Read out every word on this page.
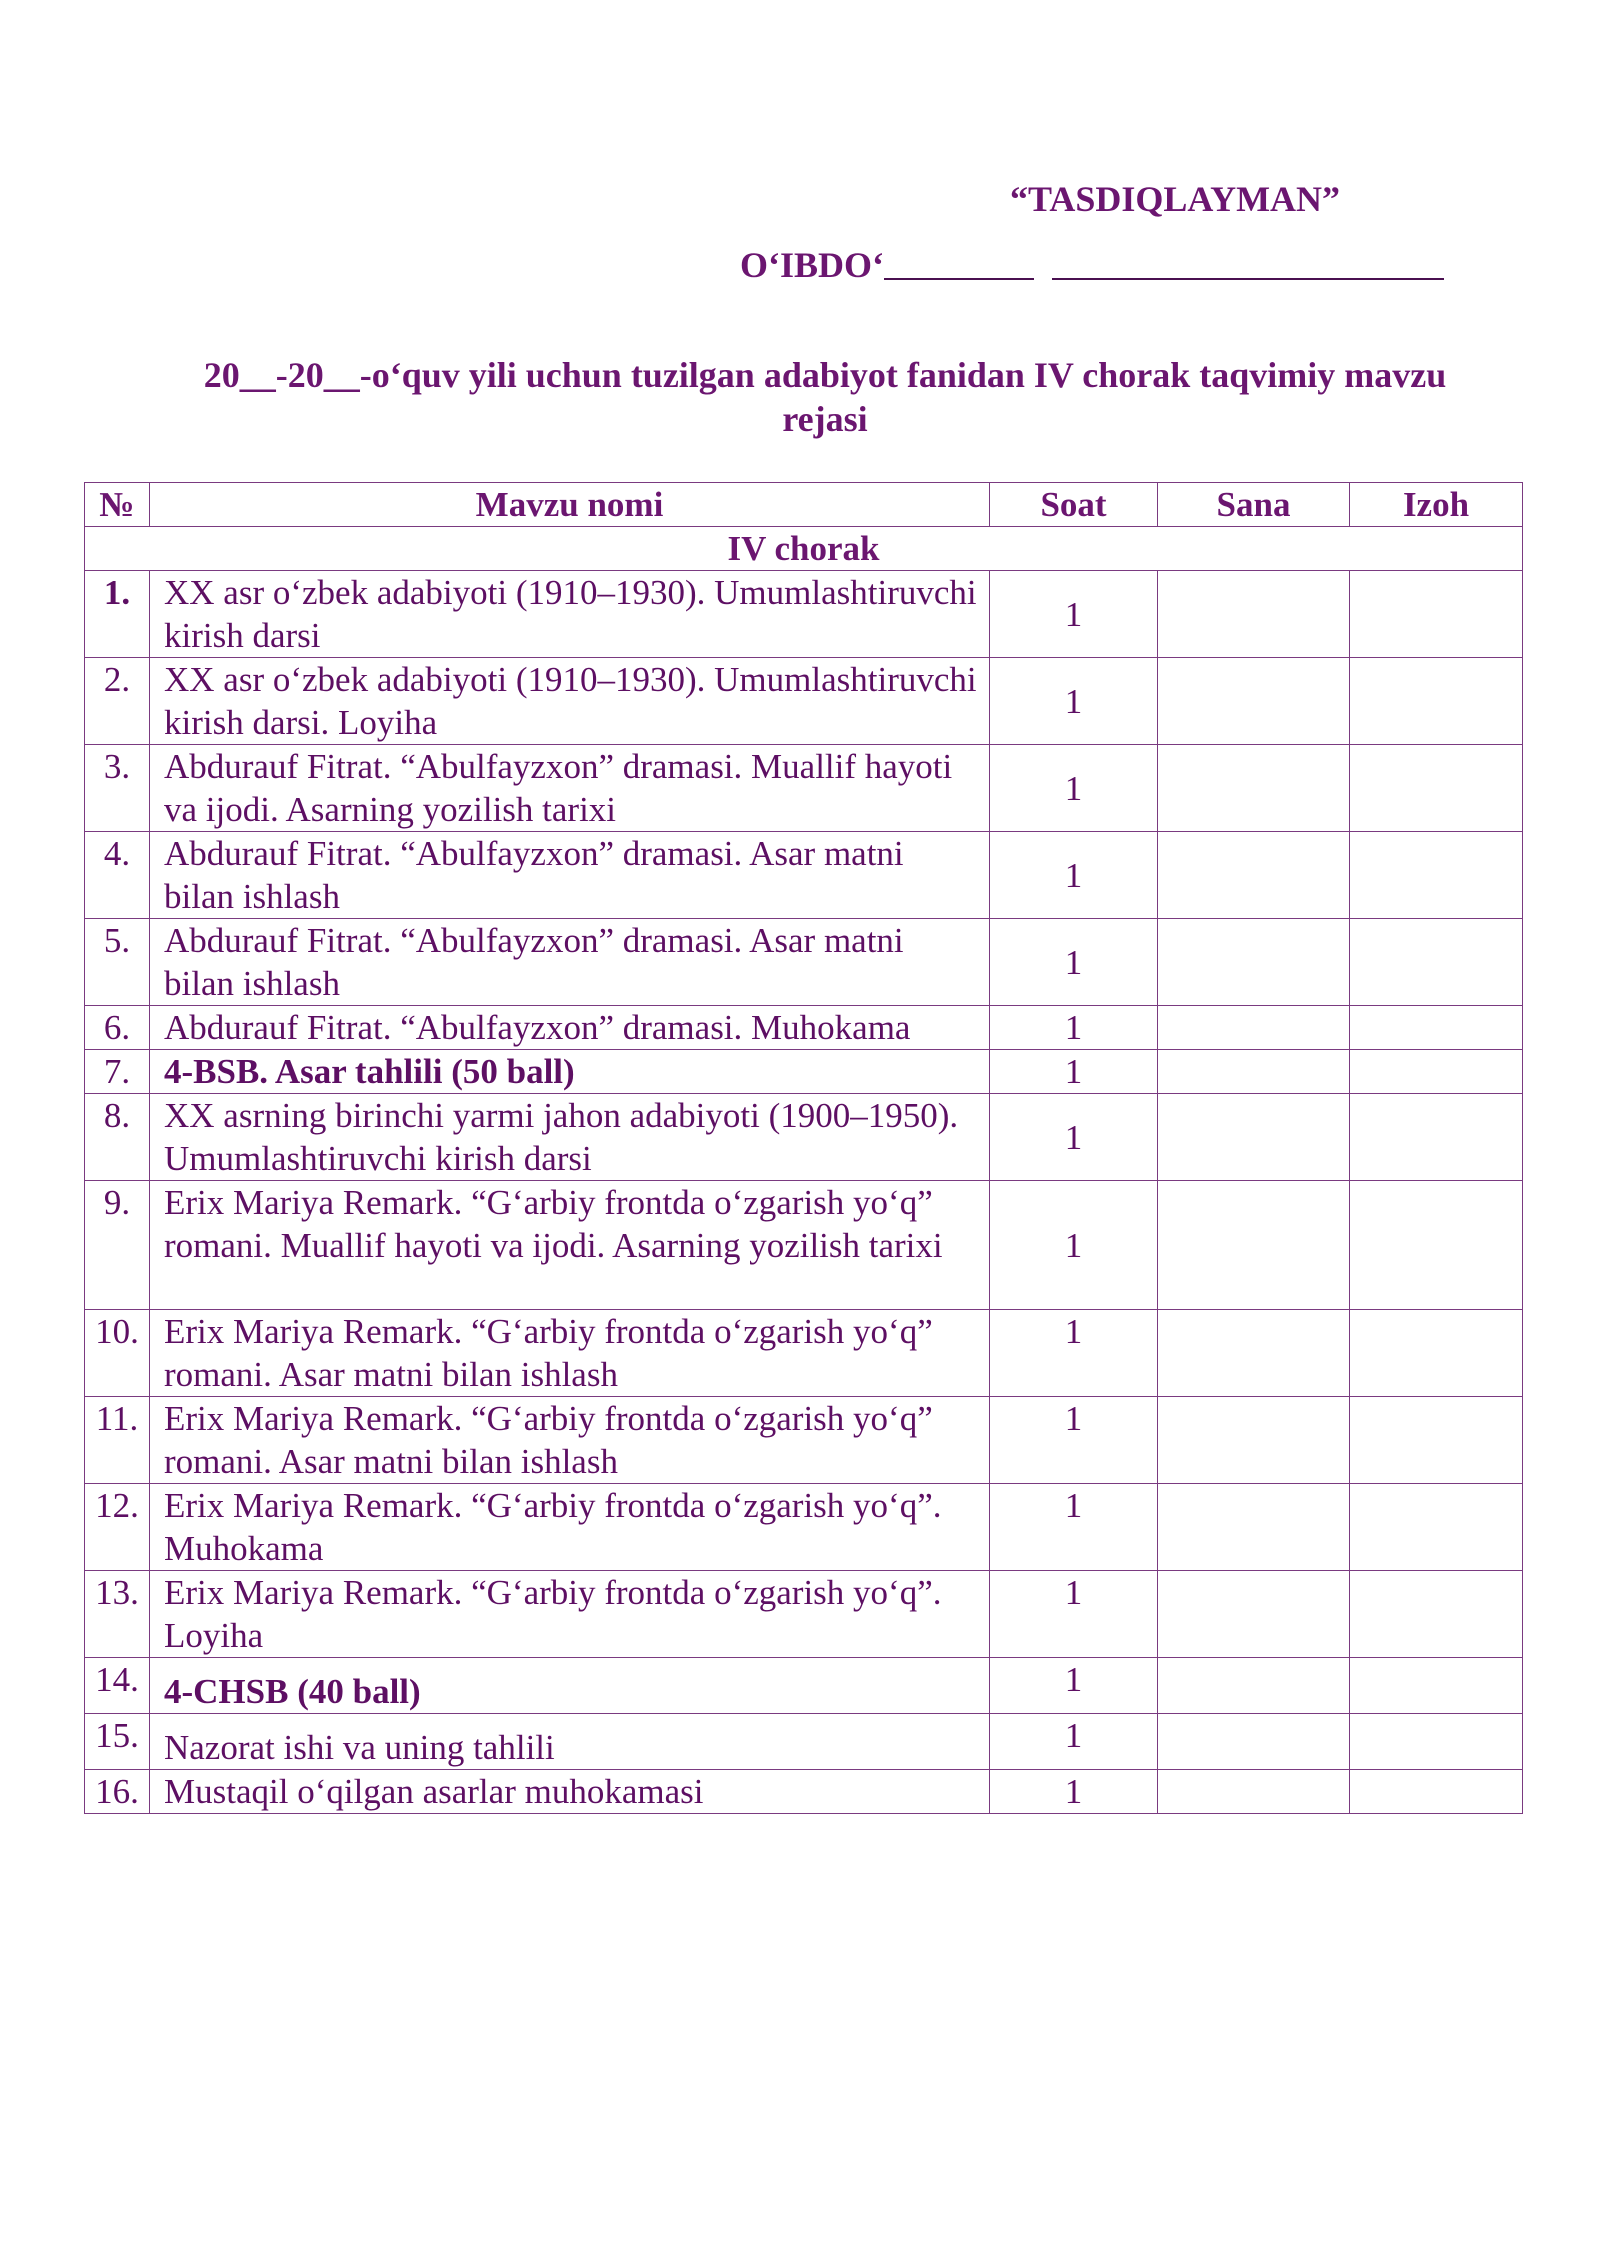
“TASDIQLAYMAN”
O‘IBDO‘
20__-20__-o‘quv yili uchun tuzilgan adabiyot fanidan IV chorak taqvimiy mavzu rejasi
№	Mavzu nomi	Soat	Sana	Izoh
IV chorak				
1.	XX asr o‘zbek adabiyoti (1910–1930). Umumlashtiruvchi kirish darsi	1		
2.	XX asr o‘zbek adabiyoti (1910–1930). Umumlashtiruvchi kirish darsi. Loyiha	1		
3.	Abdurauf Fitrat. “Abulfayzxon” dramasi. Muallif hayoti va ijodi. Asarning yozilish tarixi	1		
4.	Abdurauf Fitrat. “Abulfayzxon” dramasi. Asar matni bilan ishlash	1		
5.	Abdurauf Fitrat. “Abulfayzxon” dramasi. Asar matni bilan ishlash	1		
6.	Abdurauf Fitrat. “Abulfayzxon” dramasi. Muhokama	1		
7.	4-BSB. Asar tahlili (50 ball)	1		
8.	XX asrning birinchi yarmi jahon adabiyoti (1900–1950). Umumlashtiruvchi kirish darsi	1		
9.	Erix Mariya Remark. “G‘arbiy frontda o‘zgarish yo‘q” romani. Muallif hayoti va ijodi. Asarning yozilish tarixi	1		
10.	Erix Mariya Remark. “G‘arbiy frontda o‘zgarish yo‘q” romani. Asar matni bilan ishlash	1		
11.	Erix Mariya Remark. “G‘arbiy frontda o‘zgarish yo‘q” romani. Asar matni bilan ishlash	1		
12.	Erix Mariya Remark. “G‘arbiy frontda o‘zgarish yo‘q”. Muhokama	1		
13.	Erix Mariya Remark. “G‘arbiy frontda o‘zgarish yo‘q”. Loyiha	1		
14.	4-CHSB (40 ball)	1		
15.	Nazorat ishi va uning tahlili	1		
16.	Mustaqil o‘qilgan asarlar muhokamasi	1		
